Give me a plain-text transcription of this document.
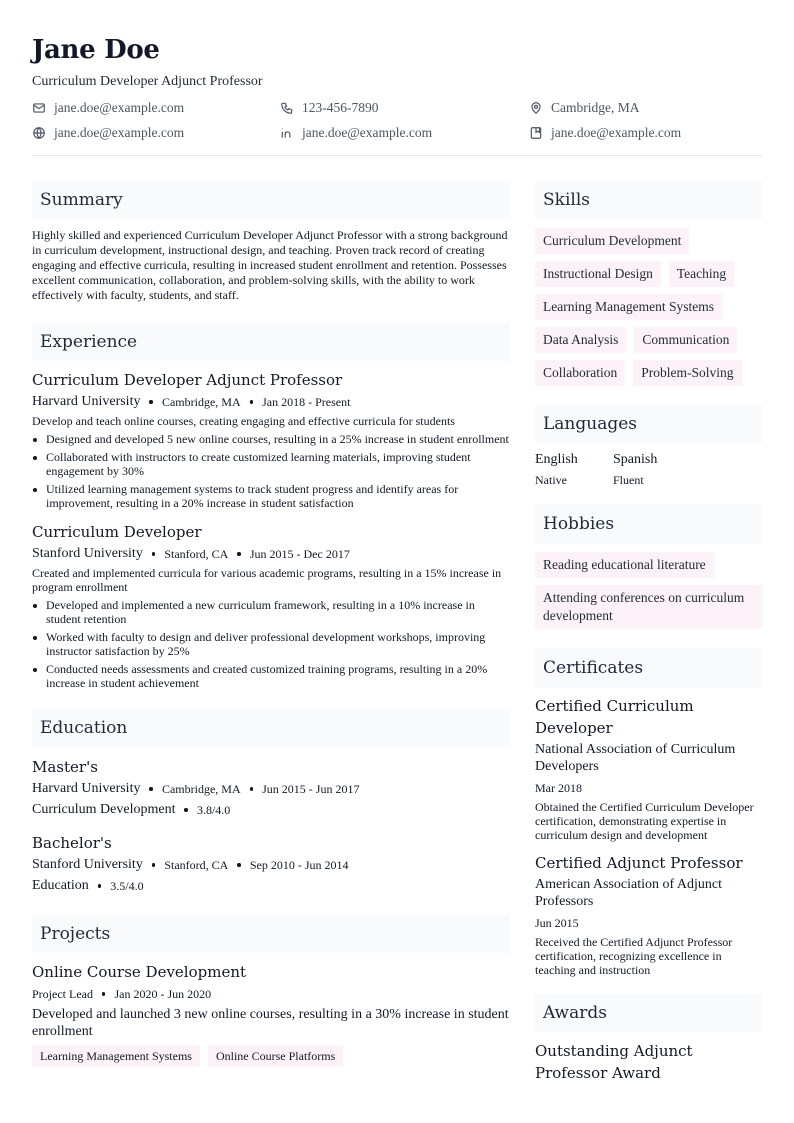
Jane Doe
Curriculum Developer Adjunct Professor
jane.doe@example.com	123-456-7890	Cambridge, MA
jane.doe@example.com	jane.doe@example.com	jane.doe@example.com
Summary
Highly skilled and experienced Curriculum Developer Adjunct Professor with a strong background in curriculum development, instructional design, and teaching. Proven track record of creating engaging and effective curricula, resulting in increased student enrollment and retention. Possesses excellent communication, collaboration, and problem-solving skills, with the ability to work effectively with faculty, students, and staff.
Experience
Curriculum Developer Adjunct Professor
Harvard University Cambridge, MA Jan 2018 - Present
Develop and teach online courses, creating engaging and effective curricula for students
Designed and developed 5 new online courses, resulting in a 25% increase in student enrollment
Collaborated with instructors to create customized learning materials, improving student engagement by 30%
Utilized learning management systems to track student progress and identify areas for improvement, resulting in a 20% increase in student satisfaction
Curriculum Developer
Stanford University Stanford, CA Jun 2015 - Dec 2017
Created and implemented curricula for various academic programs, resulting in a 15% increase in program enrollment
Developed and implemented a new curriculum framework, resulting in a 10% increase in student retention
Worked with faculty to design and deliver professional development workshops, improving instructor satisfaction by 25%
Conducted needs assessments and created customized training programs, resulting in a 20% increase in student achievement
Education
Master's
Harvard University Cambridge, MA Jun 2015 - Jun 2017
Curriculum Development 3.8/4.0
Bachelor's
Stanford University Stanford, CA Sep 2010 - Jun 2014
Education 3.5/4.0
Projects
Online Course Development
Project Lead Jan 2020 - Jun 2020
Developed and launched 3 new online courses, resulting in a 30% increase in student enrollment
Learning Management Systems Online Course Platforms
Skills
Curriculum Development
Instructional Design	Teaching
Learning Management Systems
Data Analysis	Communication
Collaboration	Problem-Solving
Languages
English
Native
Spanish
Fluent
Hobbies
Reading educational literature
Attending conferences on curriculum development
Certificates
Certified Curriculum Developer
National Association of Curriculum Developers
Mar 2018
Obtained the Certified Curriculum Developer certification, demonstrating expertise in curriculum design and development
Certified Adjunct Professor
American Association of Adjunct Professors
Jun 2015
Received the Certified Adjunct Professor certification, recognizing excellence in teaching and instruction
Awards
Outstanding Adjunct Professor Award
